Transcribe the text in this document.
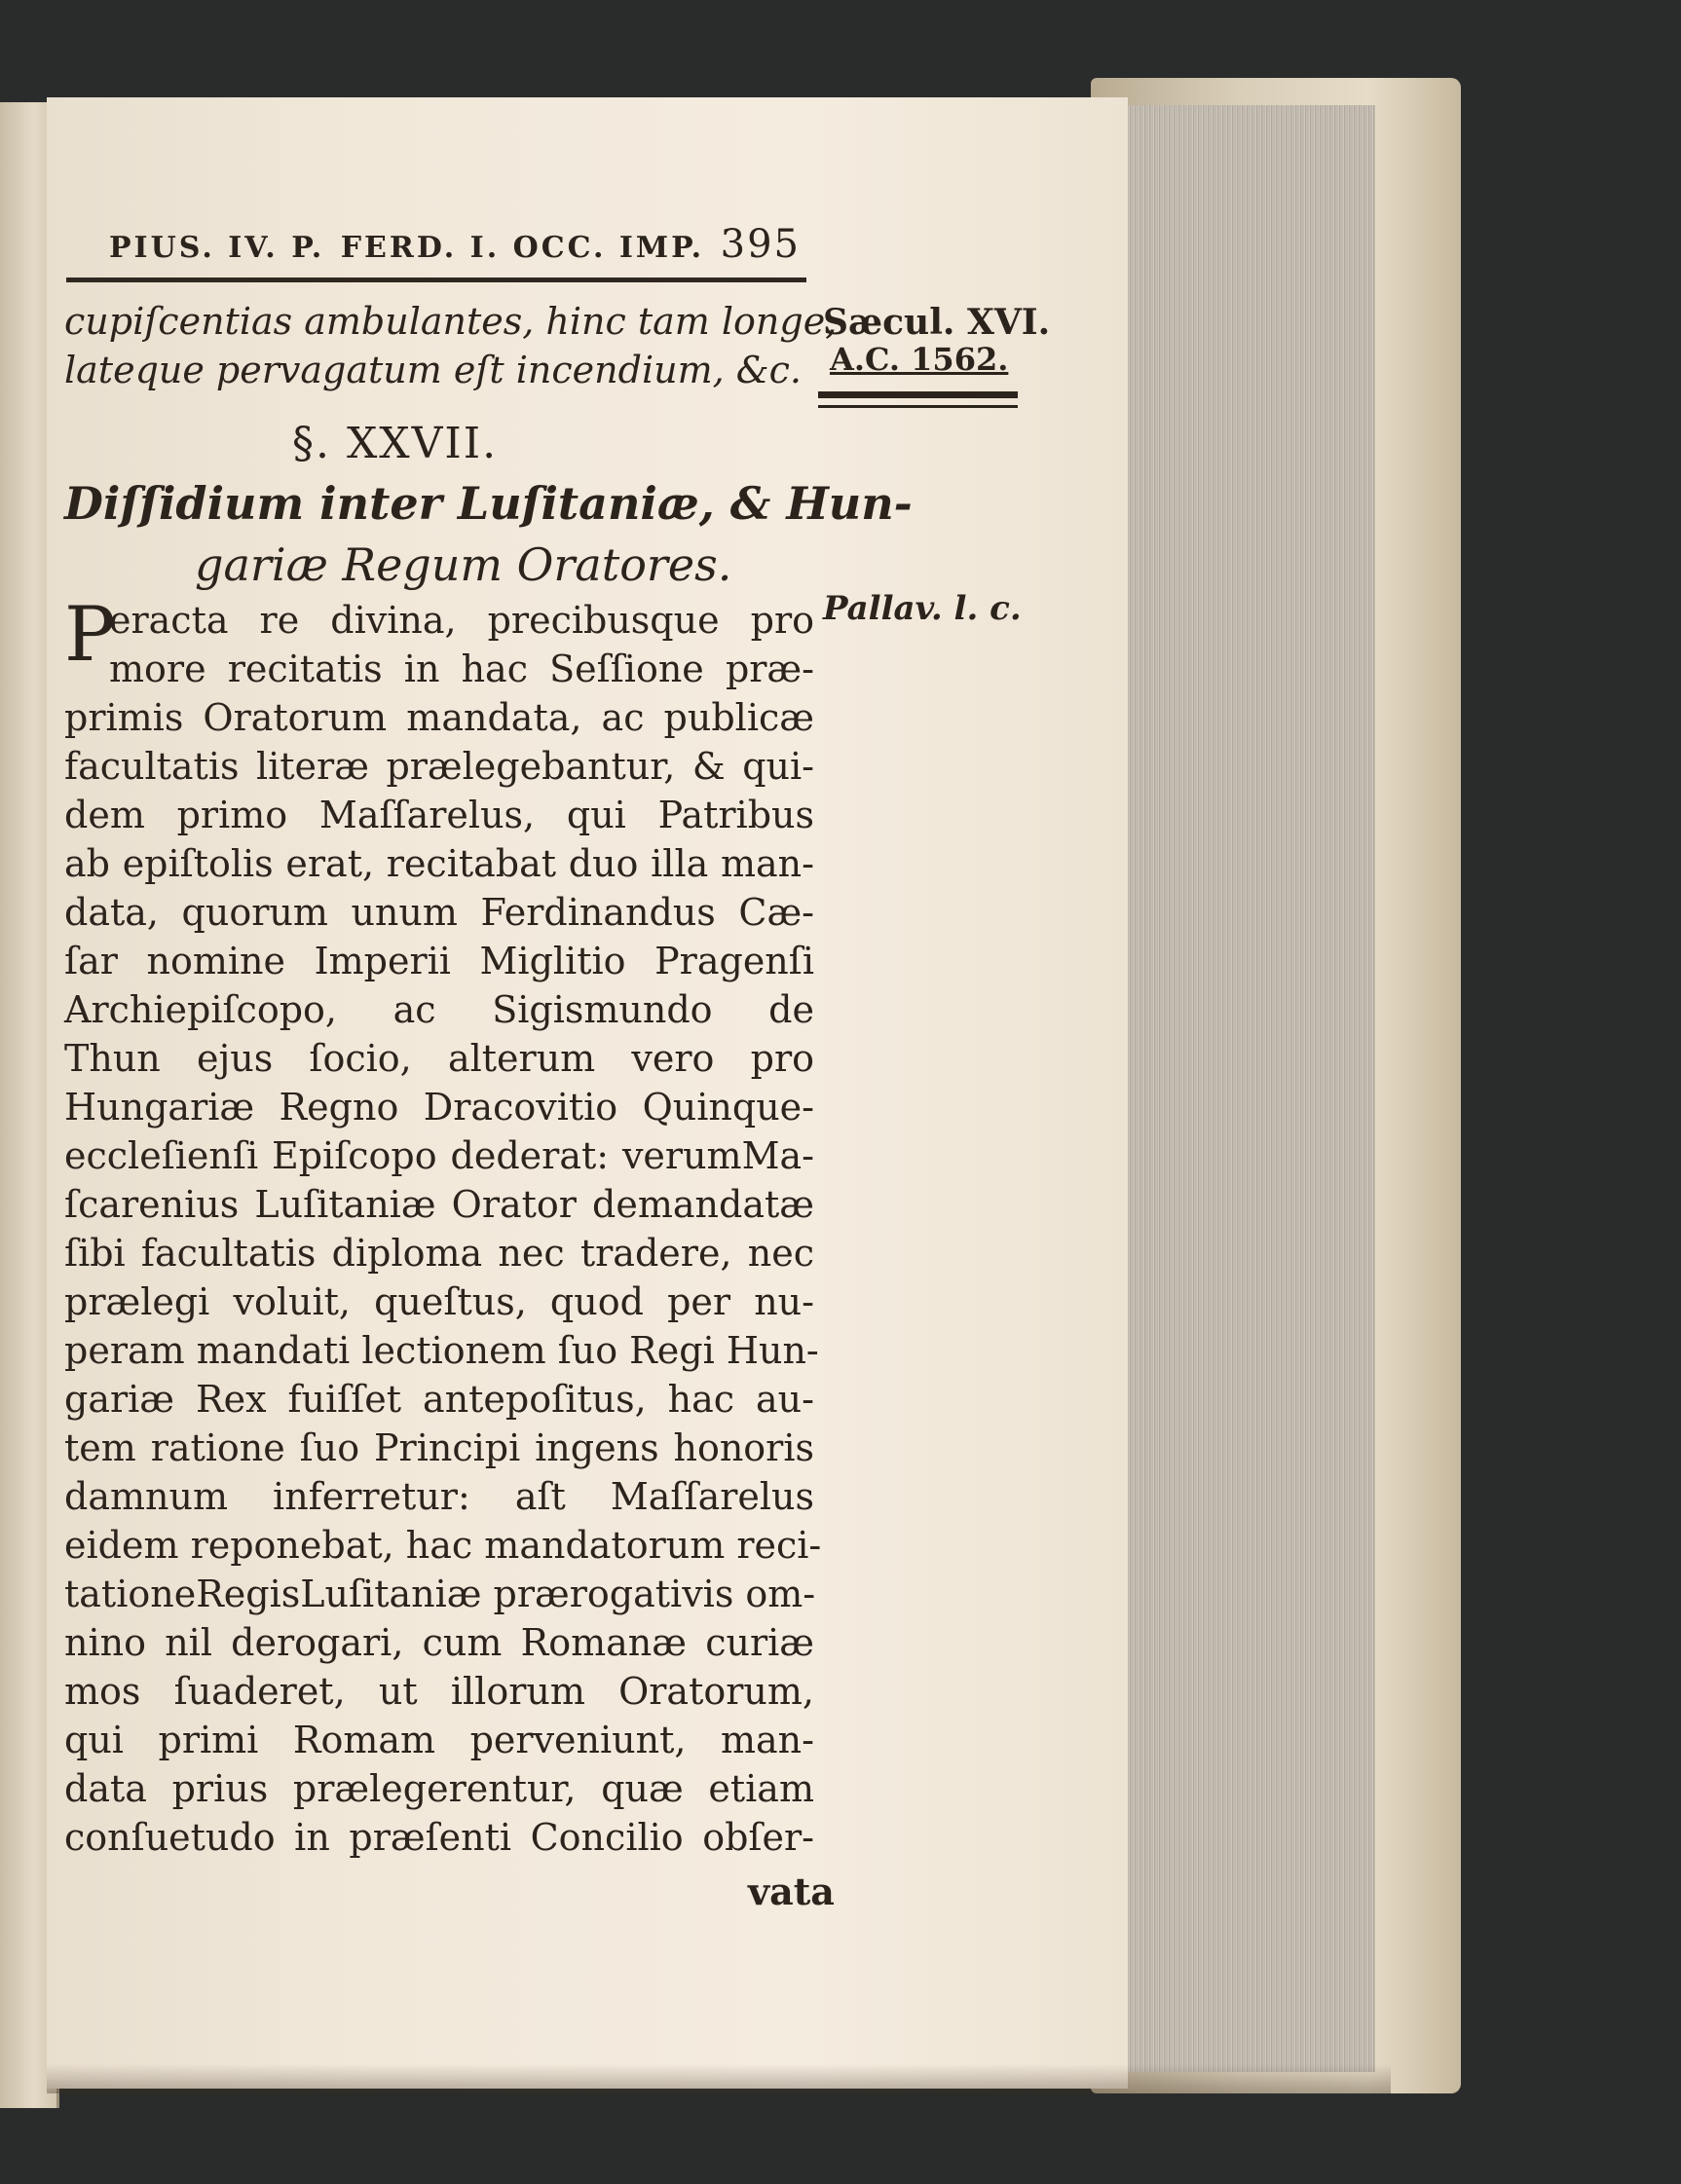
PIUS. IV. P. FERD. I. OCC. IMP. 395
Sæcul. XVI.
A.C. 1562.
Pallav. l. c.
cupiſcentias ambulantes, hinc tam longe,
lateque pervagatum eſt incendium, &c.
§. XXVII.
Diſſidium inter Luſitaniæ, & Hun-
gariæ Regum Oratores.
P
eracta re divina, precibusque pro
more recitatis in hac Seſſione præ-
primis Oratorum mandata, ac publicæ
facultatis literæ prælegebantur, & qui-
dem primo Maſſarelus, qui Patribus
ab epiſtolis erat, recitabat duo illa man-
data, quorum unum Ferdinandus Cæ-
ſar nomine Imperii Miglitio Pragenſi
Archiepiſcopo, ac Sigismundo de
Thun ejus ſocio, alterum vero pro
Hungariæ Regno Dracovitio Quinque-
eccleſienſi Epiſcopo dederat: verumMa-
ſcarenius Luſitaniæ Orator demandatæ
ſibi facultatis diploma nec tradere, nec
prælegi voluit, queſtus, quod per nu-
peram mandati lectionem ſuo Regi Hun-
gariæ Rex fuiſſet antepoſitus, hac au-
tem ratione ſuo Principi ingens honoris
damnum inferretur: aſt Maſſarelus
eidem reponebat, hac mandatorum reci-
tationeRegisLuſitaniæ prærogativis om-
nino nil derogari, cum Romanæ curiæ
mos ſuaderet, ut illorum Oratorum,
qui primi Romam perveniunt, man-
data prius prælegerentur, quæ etiam
conſuetudo in præſenti Concilio obſer-
vata
